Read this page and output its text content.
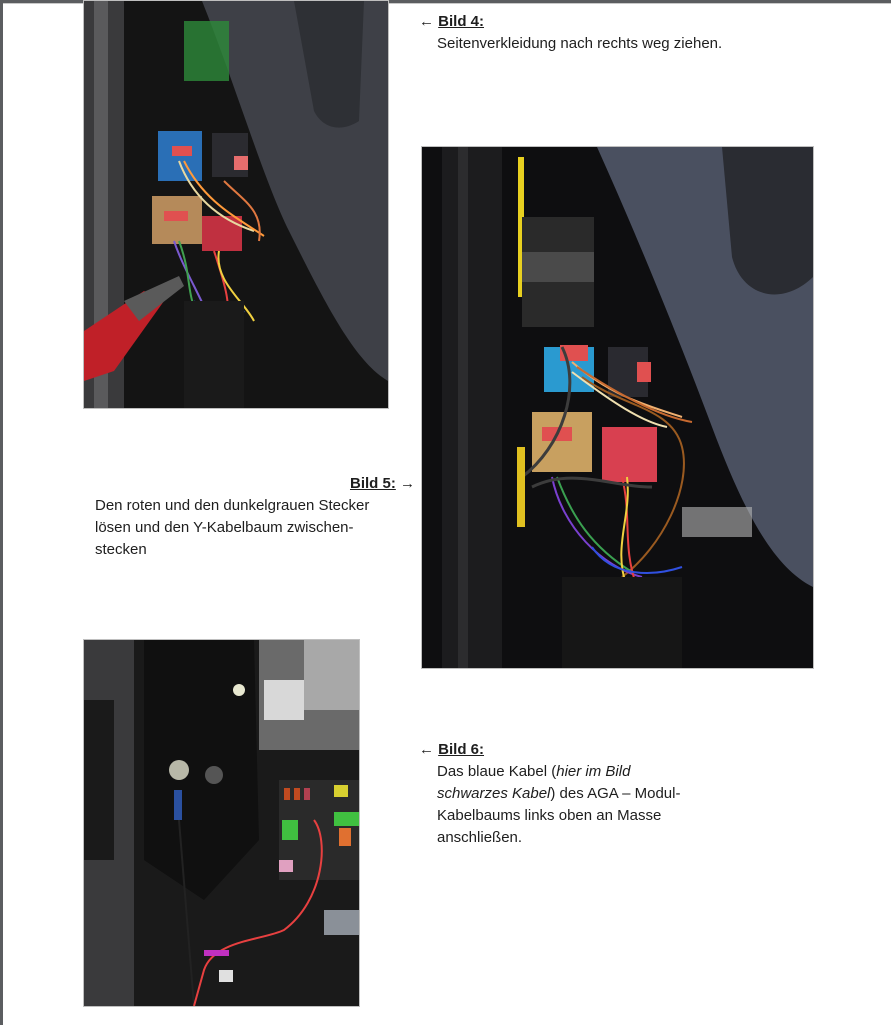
← Bild 4:
Seitenverkleidung nach rechts weg ziehen.
Bild 5: →
Den roten und den dunkelgrauen Stecker
lösen und den Y-Kabelbaum zwischen-
stecken
← Bild 6:
Das blaue Kabel (hier im Bild
schwarzes Kabel) des AGA – Modul-
Kabelbaums links oben an Masse
anschließen.
